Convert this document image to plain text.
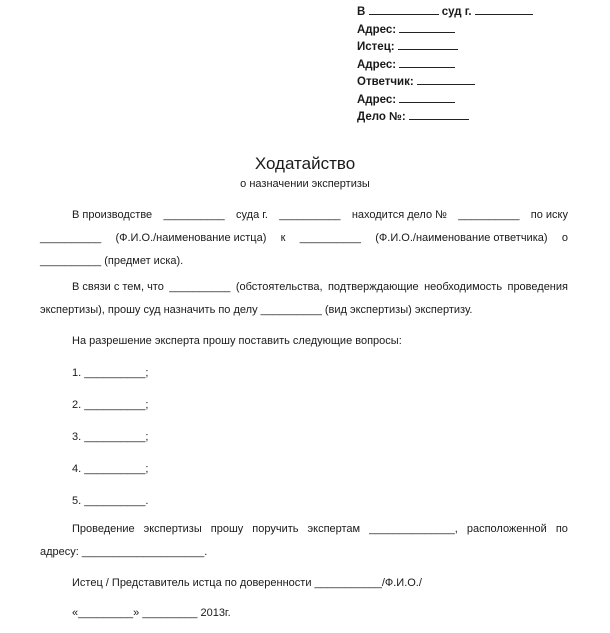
В	суд г.
Адрес:
Истец:
Адрес:
Ответчик:
Адрес:
Дело №:
Ходатайство
о назначении экспертизы
В производстве __________ суда г. __________ находится дело № __________ по иску
__________ (Ф.И.О./наименование истца) к __________ (Ф.И.О./наименование ответчика) о
__________ (предмет иска).
В связи с тем, что __________ (обстоятельства, подтверждающие необходимость проведения
экспертизы), прошу суд назначить по делу __________ (вид экспертизы) экспертизу.
На разрешение эксперта прошу поставить следующие вопросы:
1. __________;
2. __________;
3. __________;
4. __________;
5. __________.
Проведение экспертизы прошу поручить экспертам ______________, расположенной по
адресу: ____________________.
Истец / Представитель истца по доверенности ___________/Ф.И.О./
«_________» _________ 2013г.
